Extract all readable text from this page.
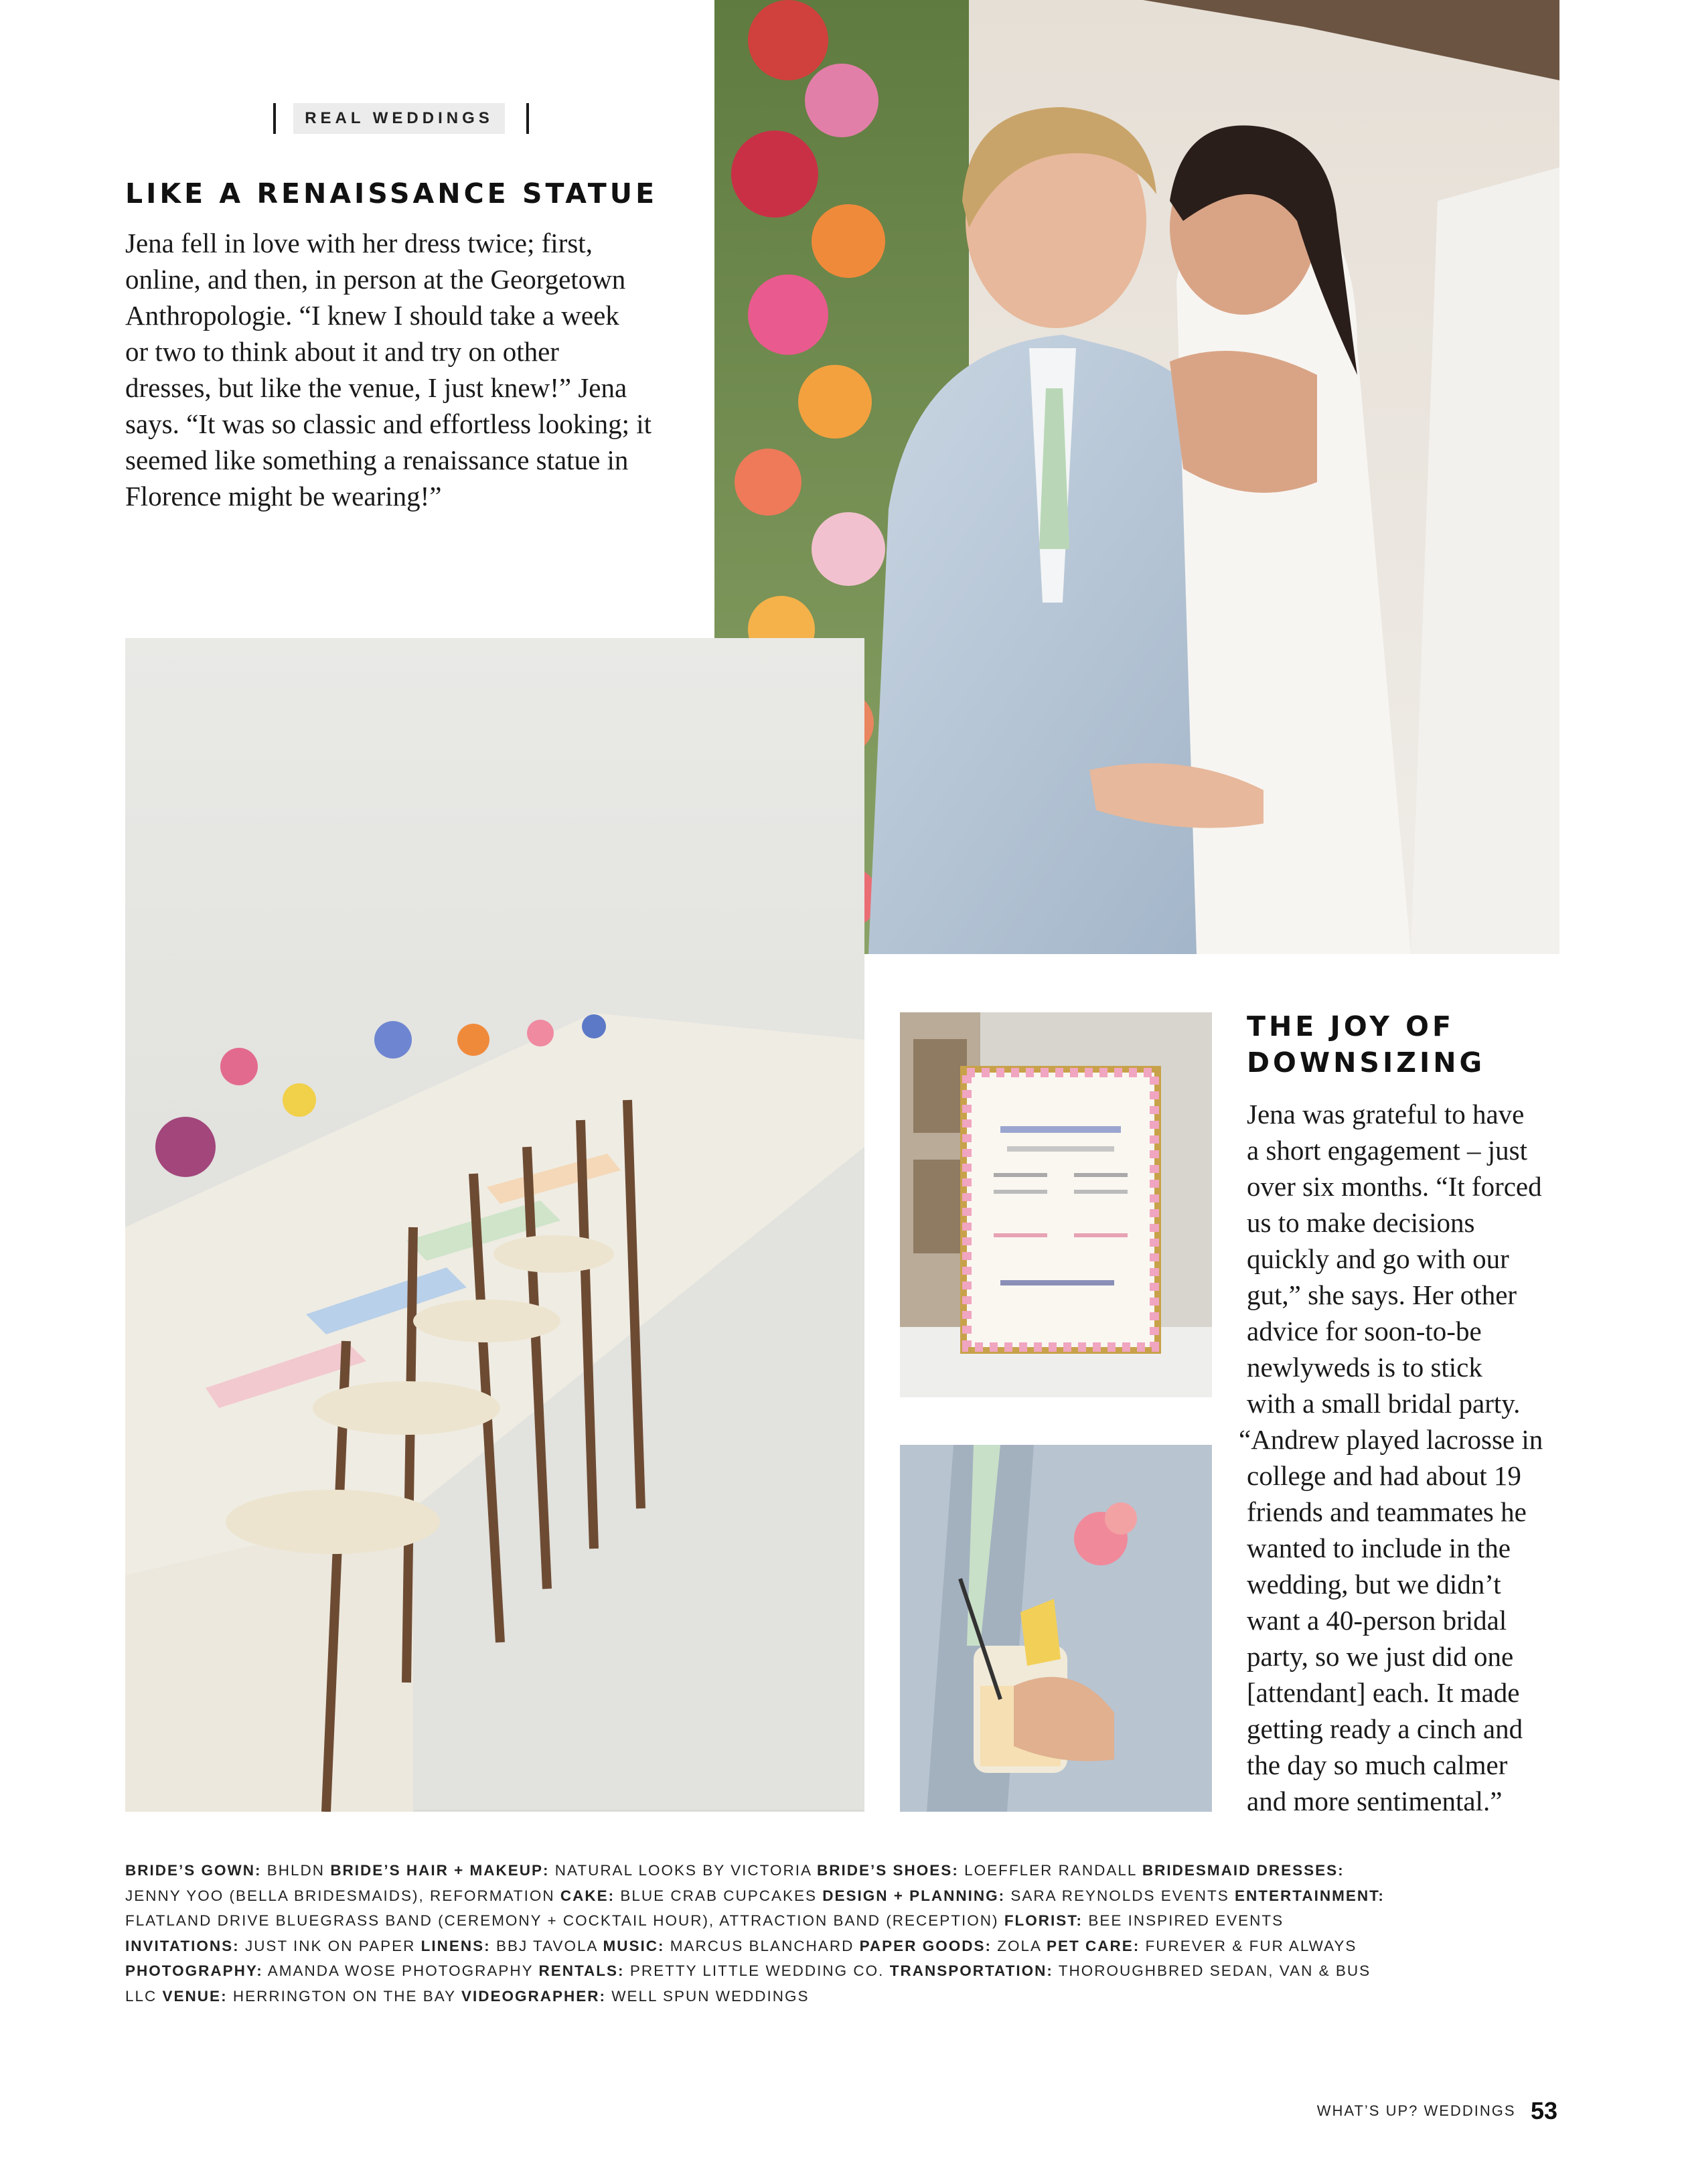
REAL WEDDINGS
LIKE A RENAISSANCE STATUE
Jena fell in love with her dress twice; first,
online, and then, in person at the Georgetown
Anthropologie. “I knew I should take a week
or two to think about it and try on other
dresses, but like the venue, I just knew!” Jena
says. “It was so classic and effortless looking; it
seemed like something a renaissance statue in
Florence might be wearing!”
THE JOY OF
DOWNSIZING
Jena was grateful to have
a short engagement – just
over six months. “It forced
us to make decisions
quickly and go with our
gut,” she says. Her other
advice for soon-to-be
newlyweds is to stick
with a small bridal party.
“Andrew played lacrosse in
college and had about 19
friends and teammates he
wanted to include in the
wedding, but we didn’t
want a 40-person bridal
party, so we just did one
[attendant] each. It made
getting ready a cinch and
the day so much calmer
and more sentimental.”

BRIDE’S GOWN: BHLDN BRIDE’S HAIR + MAKEUP: NATURAL LOOKS BY VICTORIA BRIDE’S SHOES: LOEFFLER RANDALL BRIDESMAID DRESSES: JENNY YOO (BELLA BRIDESMAIDS), REFORMATION CAKE: BLUE CRAB CUPCAKES DESIGN + PLANNING: SARA REYNOLDS EVENTS ENTERTAINMENT: FLATLAND DRIVE BLUEGRASS BAND (CEREMONY + COCKTAIL HOUR), ATTRACTION BAND (RECEPTION) FLORIST: BEE INSPIRED EVENTS INVITATIONS: JUST INK ON PAPER LINENS: BBJ TAVOLA MUSIC: MARCUS BLANCHARD PAPER GOODS: ZOLA PET CARE: FUREVER & FUR ALWAYS PHOTOGRAPHY: AMANDA WOSE PHOTOGRAPHY RENTALS: PRETTY LITTLE WEDDING CO. TRANSPORTATION: THOROUGHBRED SEDAN, VAN & BUS LLC VENUE: HERRINGTON ON THE BAY VIDEOGRAPHER: WELL SPUN WEDDINGS

WHAT’S UP? WEDDINGS 53
